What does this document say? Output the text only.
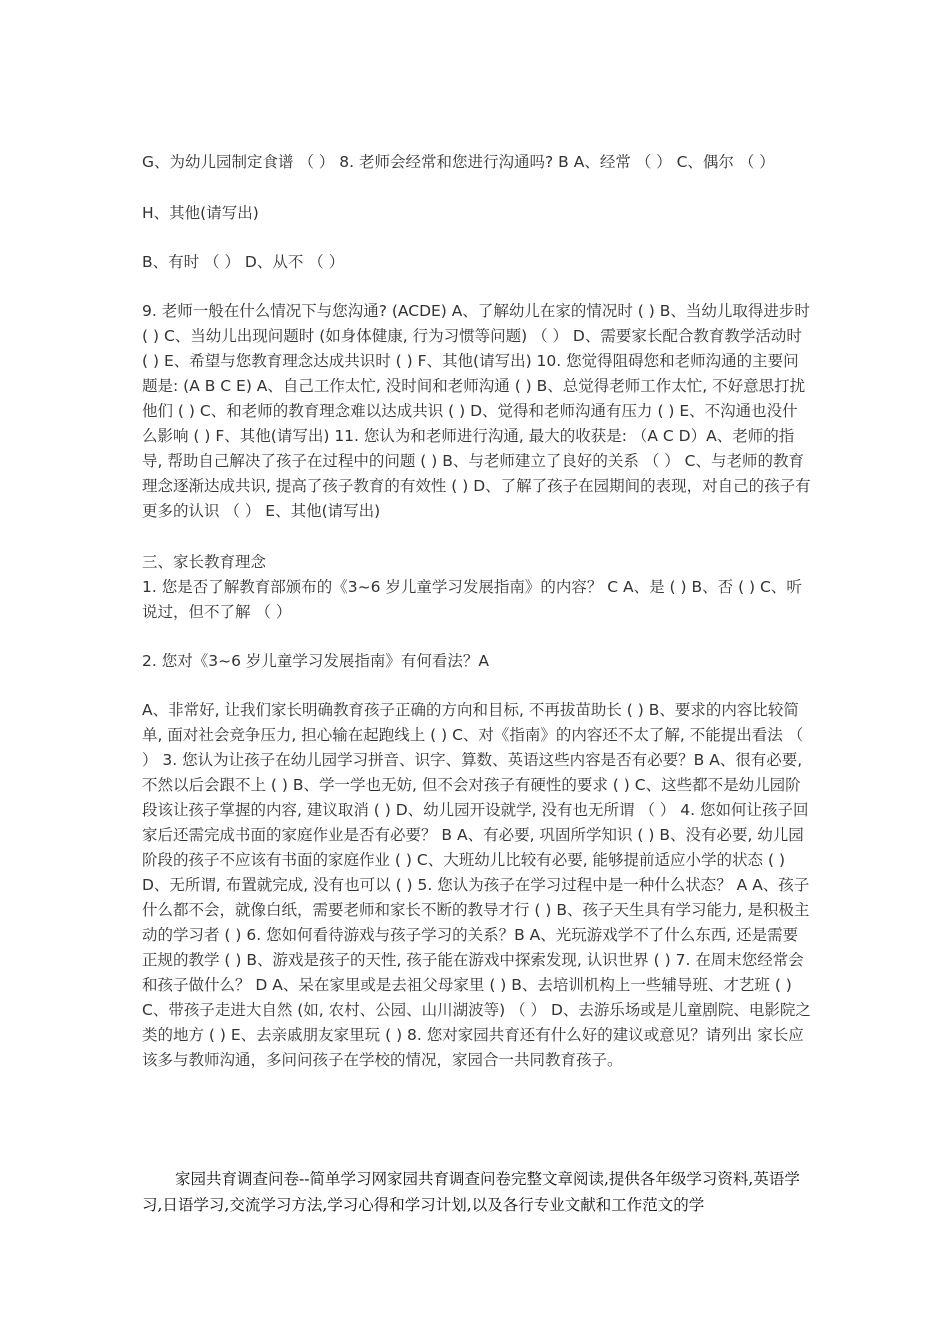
G、为幼儿园制定食谱 （ ） 8. 老师会经常和您进行沟通吗? B A、经常 （ ） C、偶尔 （ ）

H、其他(请写出)

B、有时 （ ） D、从不 （ ）

9. 老师一般在什么情况下与您沟通? (ACDE) A、了解幼儿在家的情况时 ( ) B、当幼儿取得进步时 ( ) C、当幼儿出现问题时 (如身体健康, 行为习惯等问题) （ ） D、需要家长配合教育教学活动时 ( ) E、希望与您教育理念达成共识时 ( ) F、其他(请写出) 10. 您觉得阻碍您和老师沟通的主要问题是: (A B C E) A、自己工作太忙, 没时间和老师沟通 ( ) B、总觉得老师工作太忙, 不好意思打扰他们 ( ) C、和老师的教育理念难以达成共识 ( ) D、觉得和老师沟通有压力 ( ) E、不沟通也没什么影响 ( ) F、其他(请写出) 11. 您认为和老师进行沟通, 最大的收获是: （A C D）A、老师的指导, 帮助自己解决了孩子在过程中的问题 ( ) B、与老师建立了良好的关系 （ ） C、与老师的教育理念逐渐达成共识, 提高了孩子教育的有效性 ( ) D、了解了孩子在园期间的表现，对自己的孩子有更多的认识 （ ） E、其他(请写出)

三、家长教育理念

1. 您是否了解教育部颁布的《3~6 岁儿童学习发展指南》的内容？ C A、是 ( ) B、否 ( ) C、听说过，但不了解 （ ）

2. 您对《3~6 岁儿童学习发展指南》有何看法？A

A、非常好, 让我们家长明确教育孩子正确的方向和目标, 不再拔苗助长 ( ) B、要求的内容比较简单, 面对社会竞争压力, 担心输在起跑线上 ( ) C、对《指南》的内容还不太了解, 不能提出看法 （ ） 3. 您认为让孩子在幼儿园学习拼音、识字、算数、英语这些内容是否有必要？B A、很有必要, 不然以后会跟不上 ( ) B、学一学也无妨, 但不会对孩子有硬性的要求 ( ) C、这些都不是幼儿园阶段该让孩子掌握的内容, 建议取消 ( ) D、幼儿园开设就学, 没有也无所谓 （ ） 4. 您如何让孩子回家后还需完成书面的家庭作业是否有必要？ B A、有必要, 巩固所学知识 ( ) B、没有必要, 幼儿园阶段的孩子不应该有书面的家庭作业 ( ) C、大班幼儿比较有必要, 能够提前适应小学的状态 ( ) D、无所谓, 布置就完成, 没有也可以 ( ) 5. 您认为孩子在学习过程中是一种什么状态？ A A、孩子什么都不会，就像白纸，需要老师和家长不断的教导才行 ( ) B、孩子天生具有学习能力, 是积极主动的学习者 ( ) 6. 您如何看待游戏与孩子学习的关系？B A、光玩游戏学不了什么东西, 还是需要正规的教学 ( ) B、游戏是孩子的天性, 孩子能在游戏中探索发现, 认识世界 ( ) 7. 在周末您经常会和孩子做什么？ D A、呆在家里或是去祖父母家里 ( ) B、去培训机构上一些辅导班、才艺班 ( ) C、带孩子走进大自然 (如, 农村、公园、山川湖波等) （ ） D、去游乐场或是儿童剧院、电影院之类的地方 ( ) E、去亲戚朋友家里玩 ( ) 8. 您对家园共育还有什么好的建议或意见？请列出 家长应该多与教师沟通，多问问孩子在学校的情况，家园合一共同教育孩子。

家园共育调查问卷--简单学习网家园共育调查问卷完整文章阅读,提供各年级学习资料,英语学习,日语学习,交流学习方法,学习心得和学习计划,以及各行专业文献和工作范文的学
